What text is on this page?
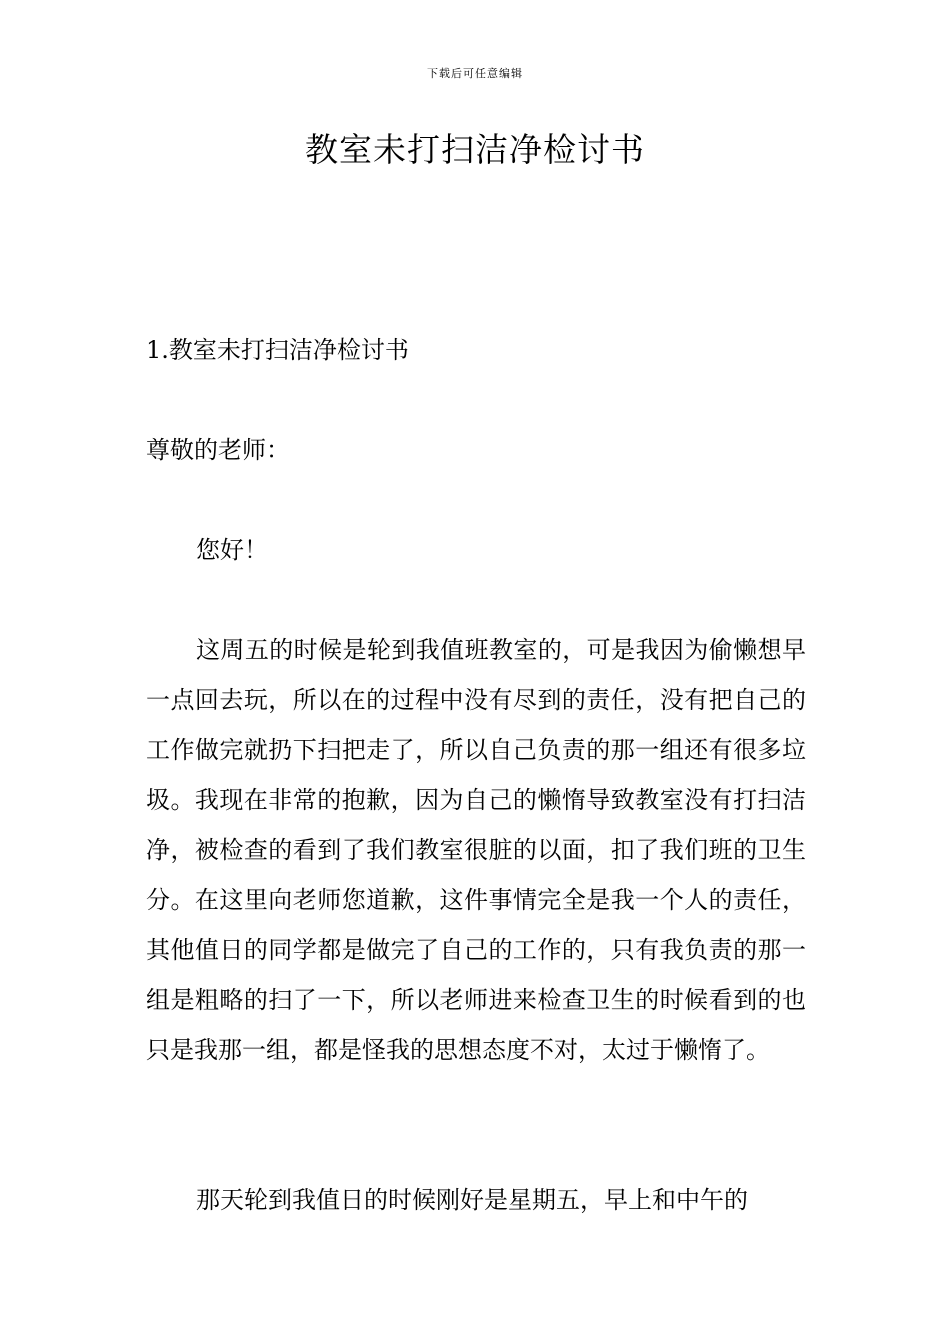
下载后可任意编辑
教室未打扫洁净检讨书
1.教室未打扫洁净检讨书
尊敬的老师：
您好！
这周五的时候是轮到我值班教室的，可是我因为偷懒想早一点回去玩，所以在的过程中没有尽到的责任，没有把自己的工作做完就扔下扫把走了，所以自己负责的那一组还有很多垃圾。我现在非常的抱歉，因为自己的懒惰导致教室没有打扫洁净，被检查的看到了我们教室很脏的以面，扣了我们班的卫生分。在这里向老师您道歉，这件事情完全是我一个人的责任，其他值日的同学都是做完了自己的工作的，只有我负责的那一组是粗略的扫了一下，所以老师进来检查卫生的时候看到的也只是我那一组，都是怪我的思想态度不对，太过于懒惰了。
那天轮到我值日的时候刚好是星期五，早上和中午的
